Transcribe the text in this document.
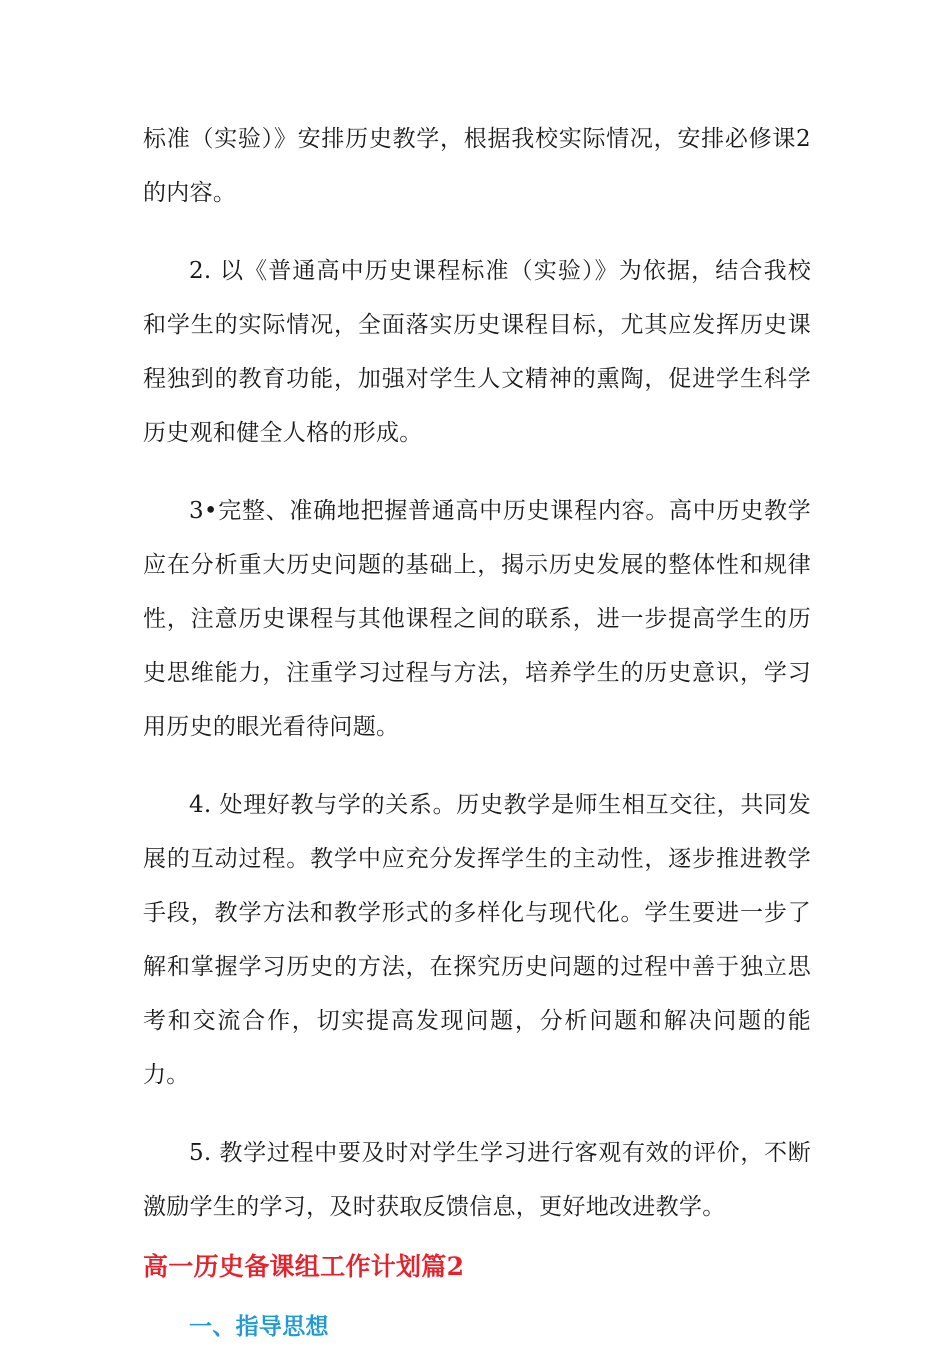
标准（实验）》安排历史教学，根据我校实际情况，安排必修课2的内容。

2. 以《普通高中历史课程标准（实验）》为依据，结合我校和学生的实际情况，全面落实历史课程目标，尤其应发挥历史课程独到的教育功能，加强对学生人文精神的熏陶，促进学生科学历史观和健全人格的形成。

3•完整、准确地把握普通高中历史课程内容。高中历史教学应在分析重大历史问题的基础上，揭示历史发展的整体性和规律性，注意历史课程与其他课程之间的联系，进一步提高学生的历史思维能力，注重学习过程与方法，培养学生的历史意识，学习用历史的眼光看待问题。

4. 处理好教与学的关系。历史教学是师生相互交往，共同发展的互动过程。教学中应充分发挥学生的主动性，逐步推进教学手段，教学方法和教学形式的多样化与现代化。学生要进一步了解和掌握学习历史的方法，在探究历史问题的过程中善于独立思考和交流合作，切实提高发现问题，分析问题和解决问题的能力。

5. 教学过程中要及时对学生学习进行客观有效的评价，不断激励学生的学习，及时获取反馈信息，更好地改进教学。

高一历史备课组工作计划篇2
一、指导思想
